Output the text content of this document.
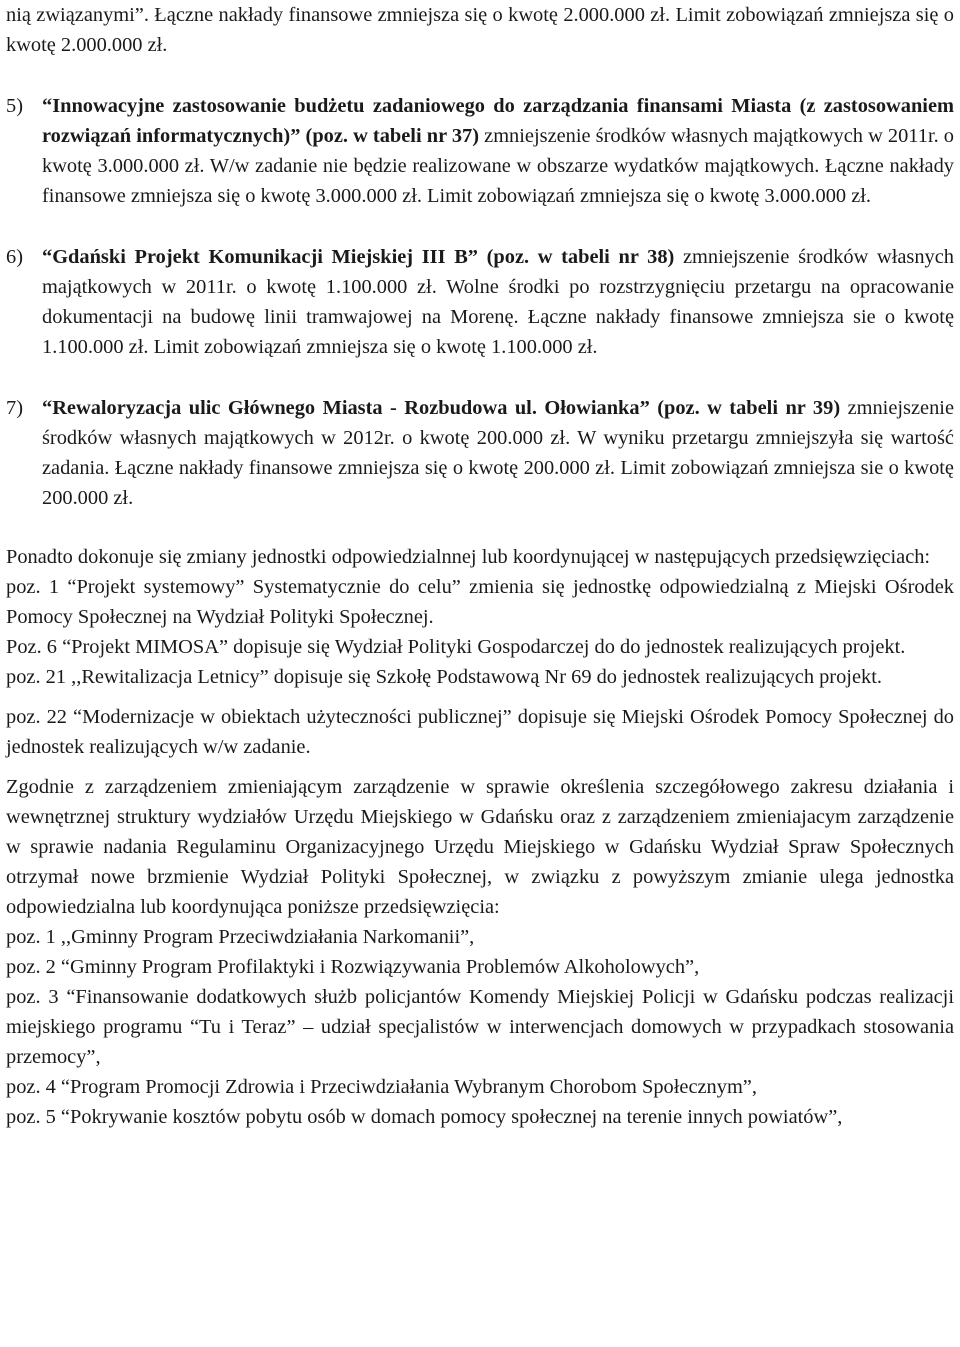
nią związanymi”. Łączne nakłady finansowe zmniejsza się o kwotę 2.000.000 zł. Limit zobowiązań zmniejsza się o kwotę 2.000.000 zł.

5) “Innowacyjne zastosowanie budżetu zadaniowego do zarządzania finansami Miasta (z zastosowaniem rozwiązań informatycznych)” (poz. w tabeli nr 37) zmniejszenie środków własnych majątkowych w 2011r. o kwotę 3.000.000 zł. W/w zadanie nie będzie realizowane w obszarze wydatków majątkowych. Łączne nakłady finansowe zmniejsza się o kwotę 3.000.000 zł. Limit zobowiązań zmniejsza się o kwotę 3.000.000 zł.

6) “Gdański Projekt Komunikacji Miejskiej III B” (poz. w tabeli nr 38) zmniejszenie środków własnych majątkowych w 2011r. o kwotę 1.100.000 zł. Wolne środki po rozstrzygnięciu przetargu na opracowanie dokumentacji na budowę linii tramwajowej na Morenę. Łączne nakłady finansowe zmniejsza sie o kwotę 1.100.000 zł. Limit zobowiązań zmniejsza się o kwotę 1.100.000 zł.

7) “Rewaloryzacja ulic Głównego Miasta - Rozbudowa ul. Ołowianka” (poz. w tabeli nr 39) zmniejszenie środków własnych majątkowych w 2012r. o kwotę 200.000 zł. W wyniku przetargu zmniejszyła się wartość zadania. Łączne nakłady finansowe zmniejsza się o kwotę 200.000 zł. Limit zobowiązań zmniejsza sie o kwotę 200.000 zł.

Ponadto dokonuje się zmiany jednostki odpowiedzialnnej lub koordynującej w następujących przedsięwzięciach:

poz. 1 “Projekt systemowy” Systematycznie do celu” zmienia się jednostkę odpowiedzialną z Miejski Ośrodek Pomocy Społecznej na Wydział Polityki Społecznej.

Poz. 6 “Projekt MIMOSA” dopisuje się Wydział Polityki Gospodarczej do do jednostek realizujących projekt.

poz. 21 ,,Rewitalizacja Letnicy” dopisuje się Szkołę Podstawową Nr 69 do jednostek realizujących projekt.

poz. 22 “Modernizacje w obiektach użyteczności publicznej” dopisuje się Miejski Ośrodek Pomocy Społecznej do jednostek realizujących w/w zadanie.

Zgodnie z zarządzeniem zmieniającym zarządzenie w sprawie określenia szczegółowego zakresu działania i wewnętrznej struktury wydziałów Urzędu Miejskiego w Gdańsku oraz z zarządzeniem zmieniajacym zarządzenie w sprawie nadania Regulaminu Organizacyjnego Urzędu Miejskiego w Gdańsku Wydział Spraw Społecznych otrzymał nowe brzmienie Wydział Polityki Społecznej, w związku z powyższym zmianie ulega jednostka odpowiedzialna lub koordynująca poniższe przedsięwzięcia:

poz. 1 ,,Gminny Program Przeciwdziałania Narkomanii”,

poz. 2 “Gminny Program Profilaktyki i Rozwiązywania Problemów Alkoholowych”,

poz. 3 “Finansowanie dodatkowych służb policjantów Komendy Miejskiej Policji w Gdańsku podczas realizacji miejskiego programu “Tu i Teraz” – udział specjalistów w interwencjach domowych w przypadkach stosowania przemocy”,

poz. 4 “Program Promocji Zdrowia i Przeciwdziałania Wybranym Chorobom Społecznym”,

poz. 5 “Pokrywanie kosztów pobytu osób w domach pomocy społecznej na terenie innych powiatów”,
